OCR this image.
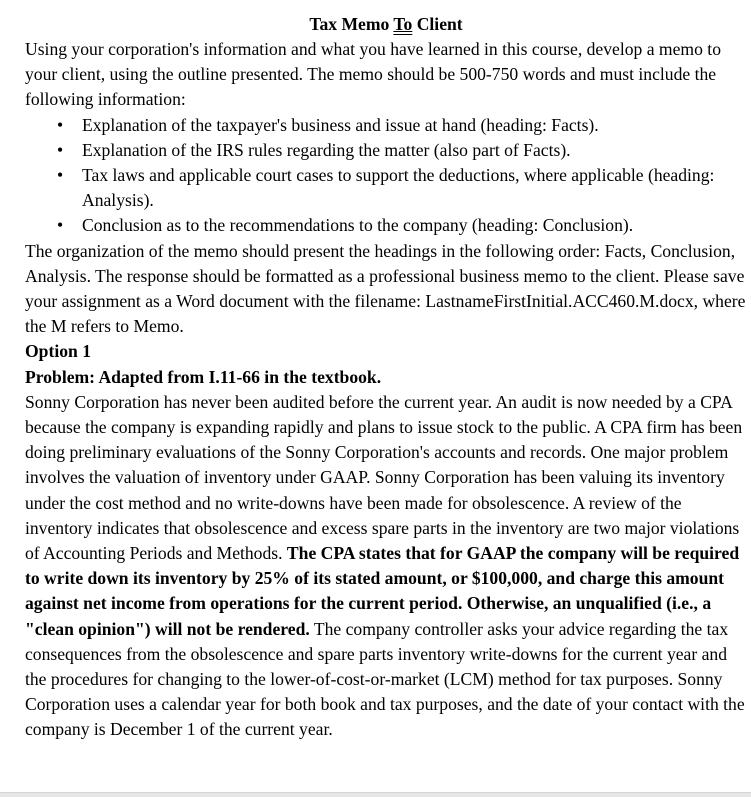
Tax Memo To Client

Using your corporation's information and what you have learned in this course, develop a memo to your client, using the outline presented. The memo should be 500-750 words and must include the following information:

• Explanation of the taxpayer's business and issue at hand (heading: Facts).
• Explanation of the IRS rules regarding the matter (also part of Facts).
• Tax laws and applicable court cases to support the deductions, where applicable (heading: Analysis).
• Conclusion as to the recommendations to the company (heading: Conclusion).

The organization of the memo should present the headings in the following order: Facts, Conclusion, Analysis. The response should be formatted as a professional business memo to the client. Please save your assignment as a Word document with the filename: LastnameFirstInitial.ACC460.M.docx, where the M refers to Memo.

Option 1

Problem: Adapted from I.11-66 in the textbook.

Sonny Corporation has never been audited before the current year. An audit is now needed by a CPA because the company is expanding rapidly and plans to issue stock to the public. A CPA firm has been doing preliminary evaluations of the Sonny Corporation's accounts and records. One major problem involves the valuation of inventory under GAAP. Sonny Corporation has been valuing its inventory under the cost method and no write-downs have been made for obsolescence. A review of the inventory indicates that obsolescence and excess spare parts in the inventory are two major violations of Accounting Periods and Methods. The CPA states that for GAAP the company will be required to write down its inventory by 25% of its stated amount, or $100,000, and charge this amount against net income from operations for the current period. Otherwise, an unqualified (i.e., a "clean opinion") will not be rendered. The company controller asks your advice regarding the tax consequences from the obsolescence and spare parts inventory write-downs for the current year and the procedures for changing to the lower-of-cost-or-market (LCM) method for tax purposes. Sonny Corporation uses a calendar year for both book and tax purposes, and the date of your contact with the company is December 1 of the current year.
